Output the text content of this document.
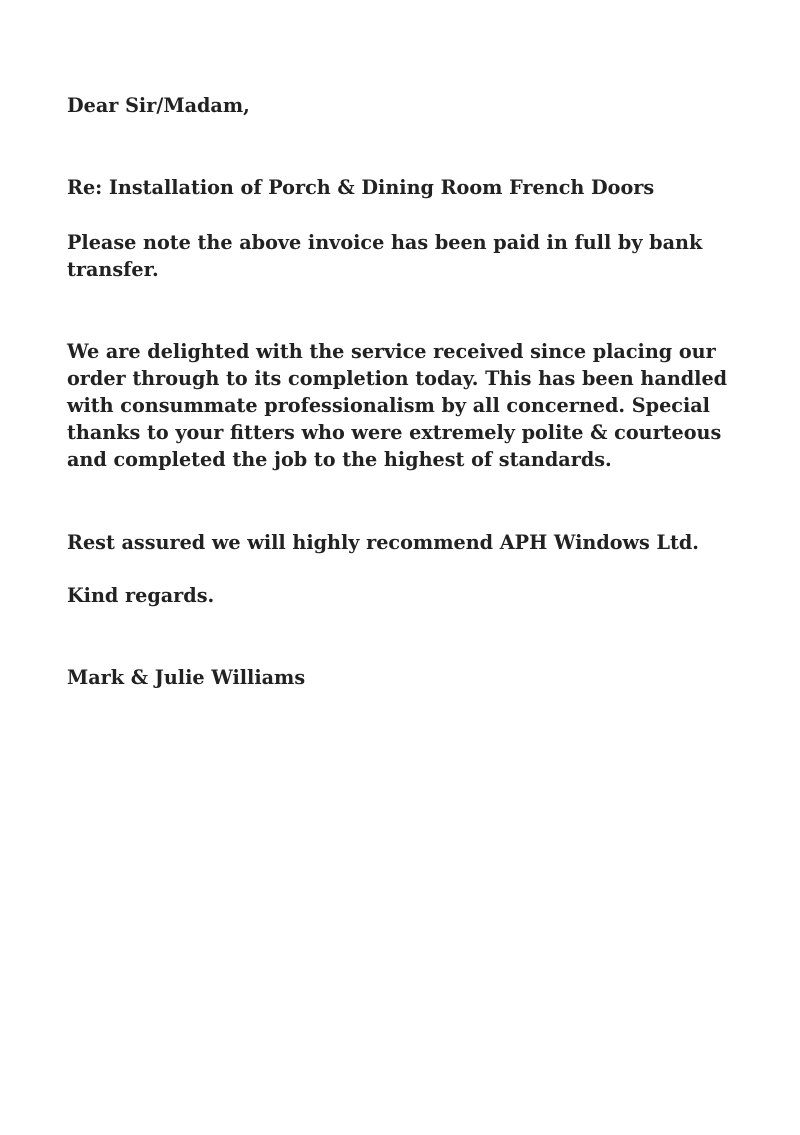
Dear Sir/Madam,

Re: Installation of Porch & Dining Room French Doors

Please note the above invoice has been paid in full by bank

transfer.

We are delighted with the service received since placing our

order through to its completion today. This has been handled

with consummate professionalism by all concerned. Special

thanks to your fitters who were extremely polite & courteous

and completed the job to the highest of standards.

Rest assured we will highly recommend APH Windows Ltd.

Kind regards.

Mark & Julie Williams
